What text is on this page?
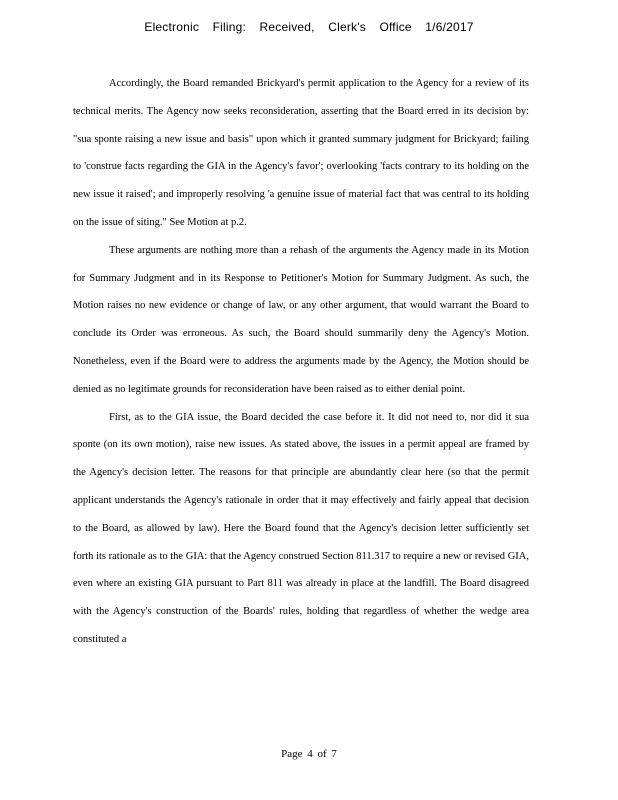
Electronic Filing: Received, Clerk's Office 1/6/2017

Accordingly, the Board remanded Brickyard's permit application to the Agency for a review of its technical merits. The Agency now seeks reconsideration, asserting that the Board erred in its decision by: "sua sponte raising a new issue and basis" upon which it granted summary judgment for Brickyard; failing to 'construe facts regarding the GIA in the Agency's favor'; overlooking 'facts contrary to its holding on the new issue it raised'; and improperly resolving 'a genuine issue of material fact that was central to its holding on the issue of siting." See Motion at p.2.

These arguments are nothing more than a rehash of the arguments the Agency made in its Motion for Summary Judgment and in its Response to Petitioner's Motion for Summary Judgment. As such, the Motion raises no new evidence or change of law, or any other argument, that would warrant the Board to conclude its Order was erroneous. As such, the Board should summarily deny the Agency's Motion. Nonetheless, even if the Board were to address the arguments made by the Agency, the Motion should be denied as no legitimate grounds for reconsideration have been raised as to either denial point.

First, as to the GIA issue, the Board decided the case before it. It did not need to, nor did it sua sponte (on its own motion), raise new issues. As stated above, the issues in a permit appeal are framed by the Agency's decision letter. The reasons for that principle are abundantly clear here (so that the permit applicant understands the Agency's rationale in order that it may effectively and fairly appeal that decision to the Board, as allowed by law). Here the Board found that the Agency's decision letter sufficiently set forth its rationale as to the GIA: that the Agency construed Section 811.317 to require a new or revised GIA, even where an existing GIA pursuant to Part 811 was already in place at the landfill. The Board disagreed with the Agency's construction of the Boards' rules, holding that regardless of whether the wedge area constituted a

Page 4 of 7
